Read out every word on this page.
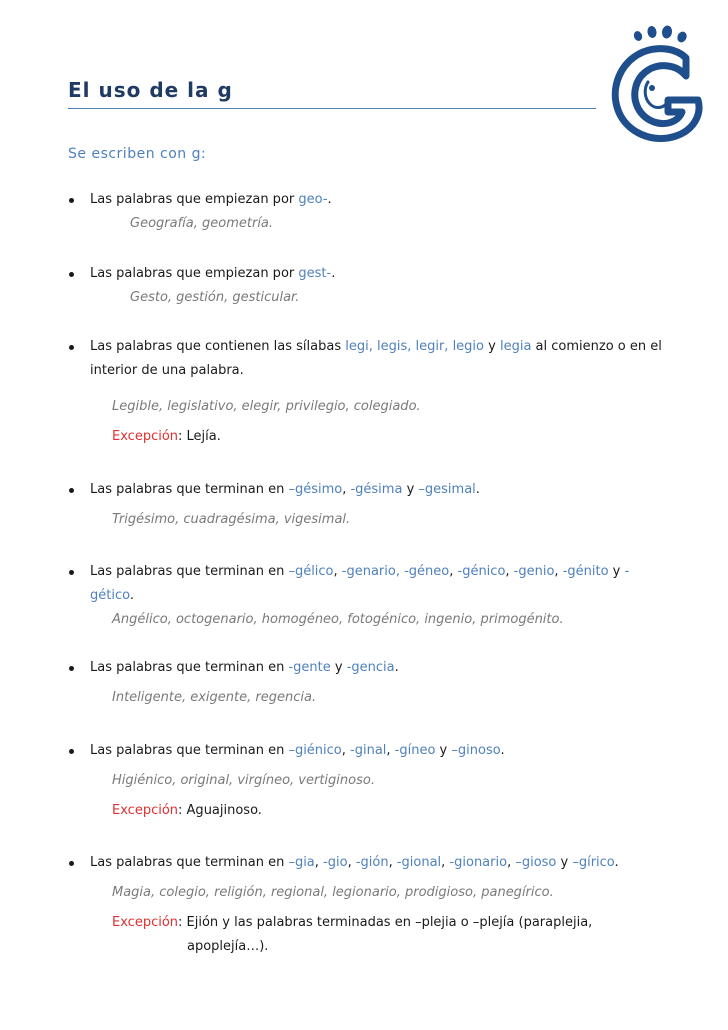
El uso de la g
Se escriben con g:
Las palabras que empiezan por geo-.
Geografía, geometría.
Las palabras que empiezan por gest-.
Gesto, gestión, gesticular.
Las palabras que contienen las sílabas legi, legis, legir, legio y legia al comienzo o en el interior de una palabra.
Legible, legislativo, elegir, privilegio, colegiado.
Excepción: Lejía.
Las palabras que terminan en –gésimo, -gésima y –gesimal.
Trigésimo, cuadragésima, vigesimal.
Las palabras que terminan en –gélico, -genario, -géneo, -génico, -genio, -génito y -gético.
Angélico, octogenario, homogéneo, fotogénico, ingenio, primogénito.
Las palabras que terminan en -gente y -gencia.
Inteligente, exigente, regencia.
Las palabras que terminan en –giénico, -ginal, -gíneo y –ginoso.
Higiénico, original, virgíneo, vertiginoso.
Excepción: Aguajinoso.
Las palabras que terminan en –gia, -gio, -gión, -gional, -gionario, –gioso y –gírico.
Magia, colegio, religión, regional, legionario, prodigioso, panegírico.
Excepción: Ejión y las palabras terminadas en –plejia o –plejía (paraplejia,
apoplejía…).
